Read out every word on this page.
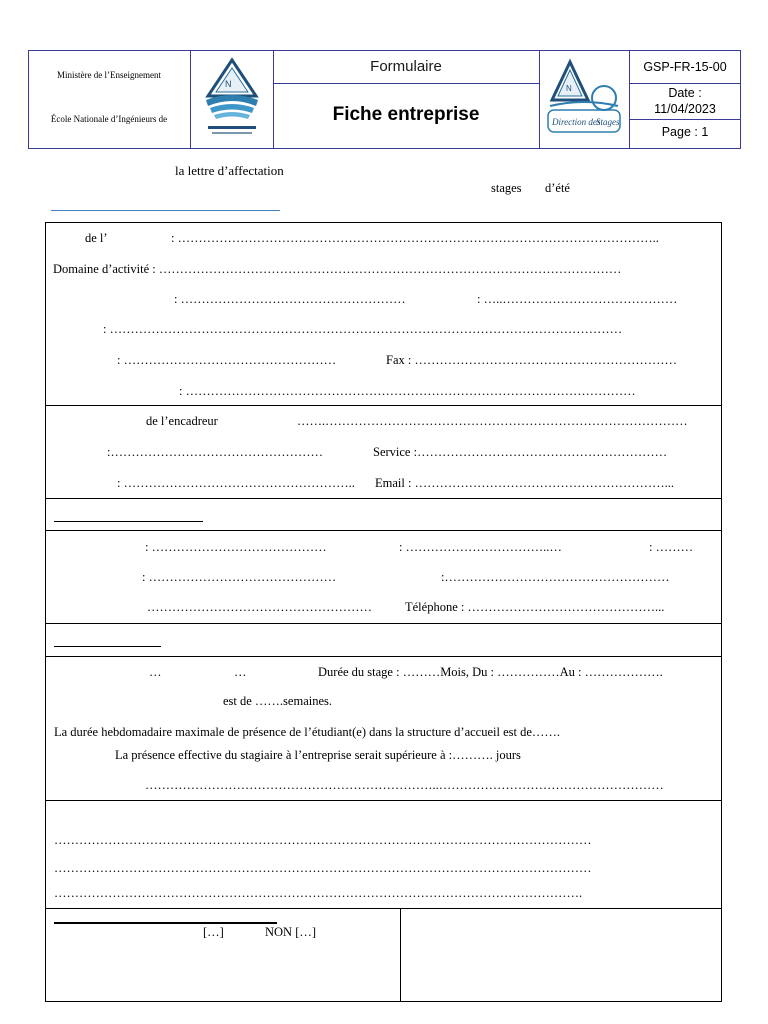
Ministère de l’Enseignement
École Nationale d’Ingénieurs de
N
Formulaire
Fiche entreprise
N
Direction des
Stages
GSP-FR-15-00
Date :
11/04/2023
Page : 1
la lettre d’affectation
stages d’été
de l’	: ……………………………………………………………………………………………………..
Domaine d’activité : …………………………………………………………………………………………………
: ………………………………………………	: …..……………………………………
: ……………………………………………………………………………………………………………
: ……………………………………………	Fax : ………………………………………………………
: ………………………………………………………………………………………………
de l’encadreur	…….……………………………………………………………………………
:……………………………………………	Service :……………………………………………………
: ……………………………………………….. Email : ……………………………………………………...
: ……………………………………	: ……………………………..…	: ………
: ………………………………………	:………………………………………………
………………………………………………	Téléphone : ………………………………………...
…	…	Durée du stage : ………Mois, Du : ……………Au : ……………….
est de …….semaines.
La durée hebdomadaire maximale de présence de l’étudiant(e) dans la structure d’accueil est de…….
La présence effective du stagiaire à l’entreprise serait supérieure à :………. jours
……………………………………………………………..………………………………………………
…………………………………………………………………………………………………………………
…………………………………………………………………………………………………………………
……………………………………………………………………………………………………………….
[…]	NON […]
